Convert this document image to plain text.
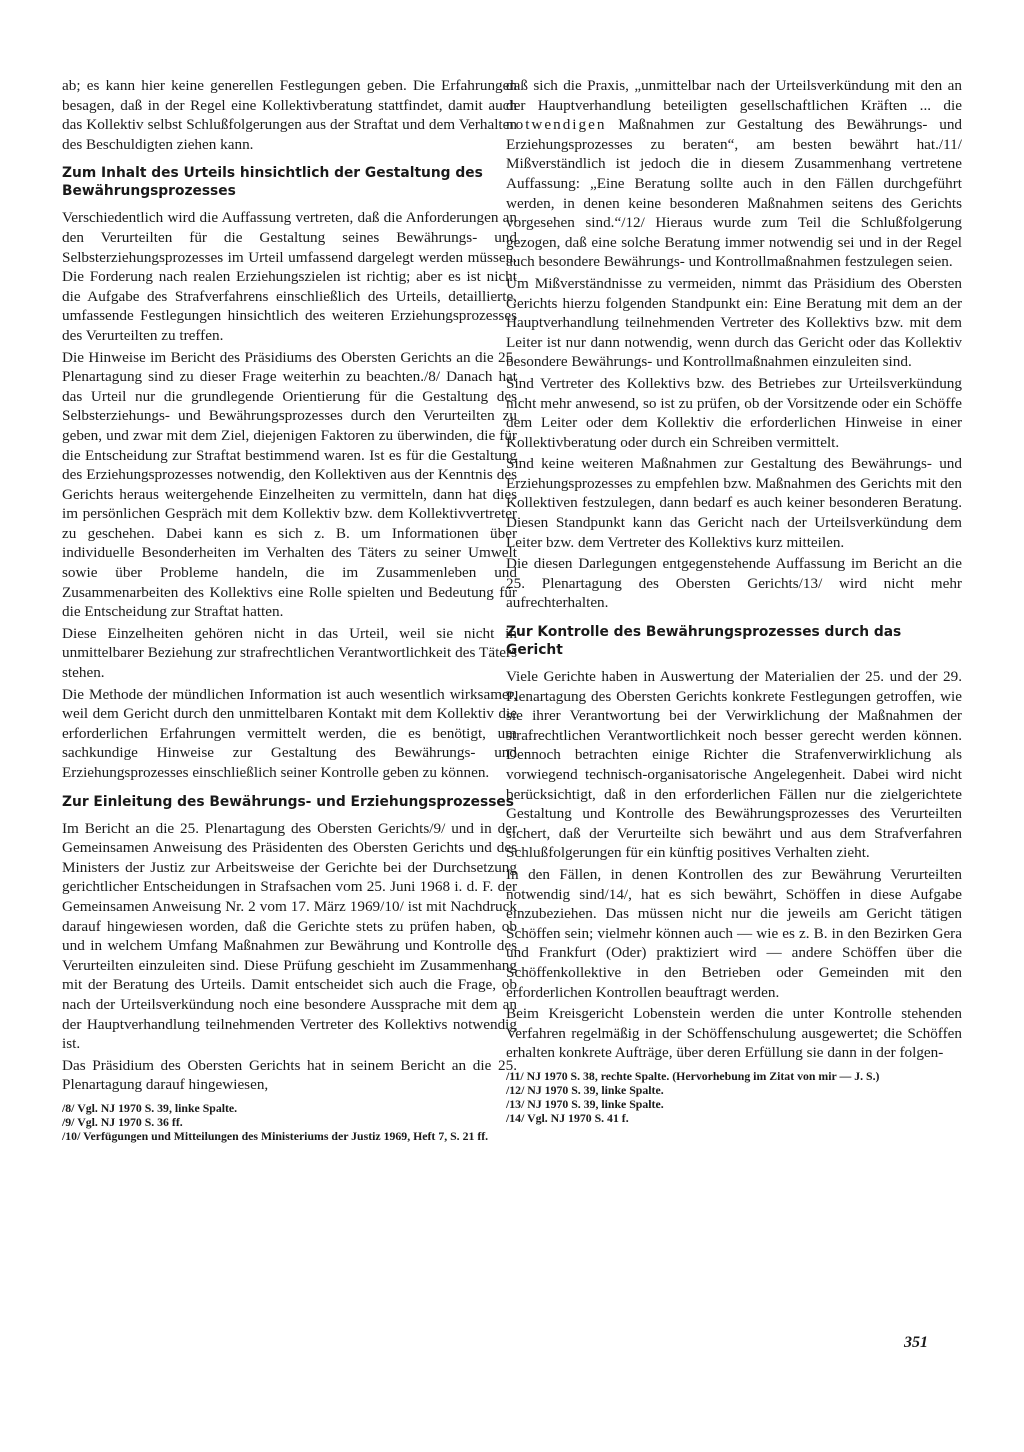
ab; es kann hier keine generellen Festlegungen geben. Die Erfahrungen besagen, daß in der Regel eine Kollektivberatung stattfindet, damit auch das Kollektiv selbst Schlußfolgerungen aus der Straftat und dem Verhalten des Beschuldigten ziehen kann.

Zum Inhalt des Urteils hinsichtlich der Gestaltung des Bewährungsprozesses

Verschiedentlich wird die Auffassung vertreten, daß die Anforderungen an den Verurteilten für die Gestaltung seines Bewährungs- und Selbsterziehungsprozesses im Urteil umfassend dargelegt werden müssen. Die Forderung nach realen Erziehungszielen ist richtig; aber es ist nicht die Aufgabe des Strafverfahrens einschließlich des Urteils, detaillierte, umfassende Festlegungen hinsichtlich des weiteren Erziehungsprozesses des Verurteilten zu treffen.

Die Hinweise im Bericht des Präsidiums des Obersten Gerichts an die 25. Plenartagung sind zu dieser Frage weiterhin zu beachten./8/ Danach hat das Urteil nur die grundlegende Orientierung für die Gestaltung des Selbsterziehungs- und Bewährungsprozesses durch den Verurteilten zu geben, und zwar mit dem Ziel, diejenigen Faktoren zu überwinden, die für die Entscheidung zur Straftat bestimmend waren. Ist es für die Gestaltung des Erziehungsprozesses notwendig, den Kollektiven aus der Kenntnis des Gerichts heraus weitergehende Einzelheiten zu vermitteln, dann hat dies im persönlichen Gespräch mit dem Kollektiv bzw. dem Kollektivvertreter zu geschehen. Dabei kann es sich z. B. um Informationen über individuelle Besonderheiten im Verhalten des Täters zu seiner Umwelt sowie über Probleme handeln, die im Zusammenleben und Zusammenarbeiten des Kollektivs eine Rolle spielten und Bedeutung für die Entscheidung zur Straftat hatten.

Diese Einzelheiten gehören nicht in das Urteil, weil sie nicht in unmittelbarer Beziehung zur strafrechtlichen Verantwortlichkeit des Täters stehen.

Die Methode der mündlichen Information ist auch wesentlich wirksamer, weil dem Gericht durch den unmittelbaren Kontakt mit dem Kollektiv die erforderlichen Erfahrungen vermittelt werden, die es benötigt, um sachkundige Hinweise zur Gestaltung des Bewährungs- und Erziehungsprozesses einschließlich seiner Kontrolle geben zu können.

Zur Einleitung des Bewährungs- und Erziehungsprozesses

Im Bericht an die 25. Plenartagung des Obersten Gerichts/9/ und in der Gemeinsamen Anweisung des Präsidenten des Obersten Gerichts und des Ministers der Justiz zur Arbeitsweise der Gerichte bei der Durchsetzung gerichtlicher Entscheidungen in Strafsachen vom 25. Juni 1968 i. d. F. der Gemeinsamen Anweisung Nr. 2 vom 17. März 1969/10/ ist mit Nachdruck darauf hingewiesen worden, daß die Gerichte stets zu prüfen haben, ob und in welchem Umfang Maßnahmen zur Bewährung und Kontrolle des Verurteilten einzuleiten sind. Diese Prüfung geschieht im Zusammenhang mit der Beratung des Urteils. Damit entscheidet sich auch die Frage, ob nach der Urteilsverkündung noch eine besondere Aussprache mit dem an der Hauptverhandlung teilnehmenden Vertreter des Kollektivs notwendig ist.

Das Präsidium des Obersten Gerichts hat in seinem Bericht an die 25. Plenartagung darauf hingewiesen,

/8/ Vgl. NJ 1970 S. 39, linke Spalte.

/9/ Vgl. NJ 1970 S. 36 ff.

/10/ Verfügungen und Mitteilungen des Ministeriums der Justiz 1969, Heft 7, S. 21 ff.

daß sich die Praxis, „unmittelbar nach der Urteilsverkündung mit den an der Hauptverhandlung beteiligten gesellschaftlichen Kräften ... die notwendigen Maßnahmen zur Gestaltung des Bewährungs- und Erziehungsprozesses zu beraten“, am besten bewährt hat./11/ Mißverständlich ist jedoch die in diesem Zusammenhang vertretene Auffassung: „Eine Beratung sollte auch in den Fällen durchgeführt werden, in denen keine besonderen Maßnahmen seitens des Gerichts vorgesehen sind.“/12/ Hieraus wurde zum Teil die Schlußfolgerung gezogen, daß eine solche Beratung immer notwendig sei und in der Regel auch besondere Bewährungs- und Kontrollmaßnahmen festzulegen seien.

Um Mißverständnisse zu vermeiden, nimmt das Präsidium des Obersten Gerichts hierzu folgenden Standpunkt ein: Eine Beratung mit dem an der Hauptverhandlung teilnehmenden Vertreter des Kollektivs bzw. mit dem Leiter ist nur dann notwendig, wenn durch das Gericht oder das Kollektiv besondere Bewährungs- und Kontrollmaßnahmen einzuleiten sind.

Sind Vertreter des Kollektivs bzw. des Betriebes zur Urteilsverkündung nicht mehr anwesend, so ist zu prüfen, ob der Vorsitzende oder ein Schöffe dem Leiter oder dem Kollektiv die erforderlichen Hinweise in einer Kollektivberatung oder durch ein Schreiben vermittelt.

Sind keine weiteren Maßnahmen zur Gestaltung des Bewährungs- und Erziehungsprozesses zu empfehlen bzw. Maßnahmen des Gerichts mit den Kollektiven festzulegen, dann bedarf es auch keiner besonderen Beratung. Diesen Standpunkt kann das Gericht nach der Urteilsverkündung dem Leiter bzw. dem Vertreter des Kollektivs kurz mitteilen.

Die diesen Darlegungen entgegenstehende Auffassung im Bericht an die 25. Plenartagung des Obersten Gerichts/13/ wird nicht mehr aufrechterhalten.

Zur Kontrolle des Bewährungsprozesses durch das Gericht

Viele Gerichte haben in Auswertung der Materialien der 25. und der 29. Plenartagung des Obersten Gerichts konkrete Festlegungen getroffen, wie sie ihrer Verantwortung bei der Verwirklichung der Maßnahmen der strafrechtlichen Verantwortlichkeit noch besser gerecht werden können. Dennoch betrachten einige Richter die Strafenverwirklichung als vorwiegend technisch-organisatorische Angelegenheit. Dabei wird nicht berücksichtigt, daß in den erforderlichen Fällen nur die zielgerichtete Gestaltung und Kontrolle des Bewährungsprozesses des Verurteilten sichert, daß der Verurteilte sich bewährt und aus dem Strafverfahren Schlußfolgerungen für ein künftig positives Verhalten zieht.

In den Fällen, in denen Kontrollen des zur Bewährung Verurteilten notwendig sind/14/, hat es sich bewährt, Schöffen in diese Aufgabe einzubeziehen. Das müssen nicht nur die jeweils am Gericht tätigen Schöffen sein; vielmehr können auch — wie es z. B. in den Bezirken Gera und Frankfurt (Oder) praktiziert wird — andere Schöffen über die Schöffenkollektive in den Betrieben oder Gemeinden mit den erforderlichen Kontrollen beauftragt werden.

Beim Kreisgericht Lobenstein werden die unter Kontrolle stehenden Verfahren regelmäßig in der Schöffenschulung ausgewertet; die Schöffen erhalten konkrete Aufträge, über deren Erfüllung sie dann in der folgen-

/11/ NJ 1970 S. 38, rechte Spalte. (Hervorhebung im Zitat von mir — J. S.)

/12/ NJ 1970 S. 39, linke Spalte.

/13/ NJ 1970 S. 39, linke Spalte.

/14/ Vgl. NJ 1970 S. 41 f.

351
